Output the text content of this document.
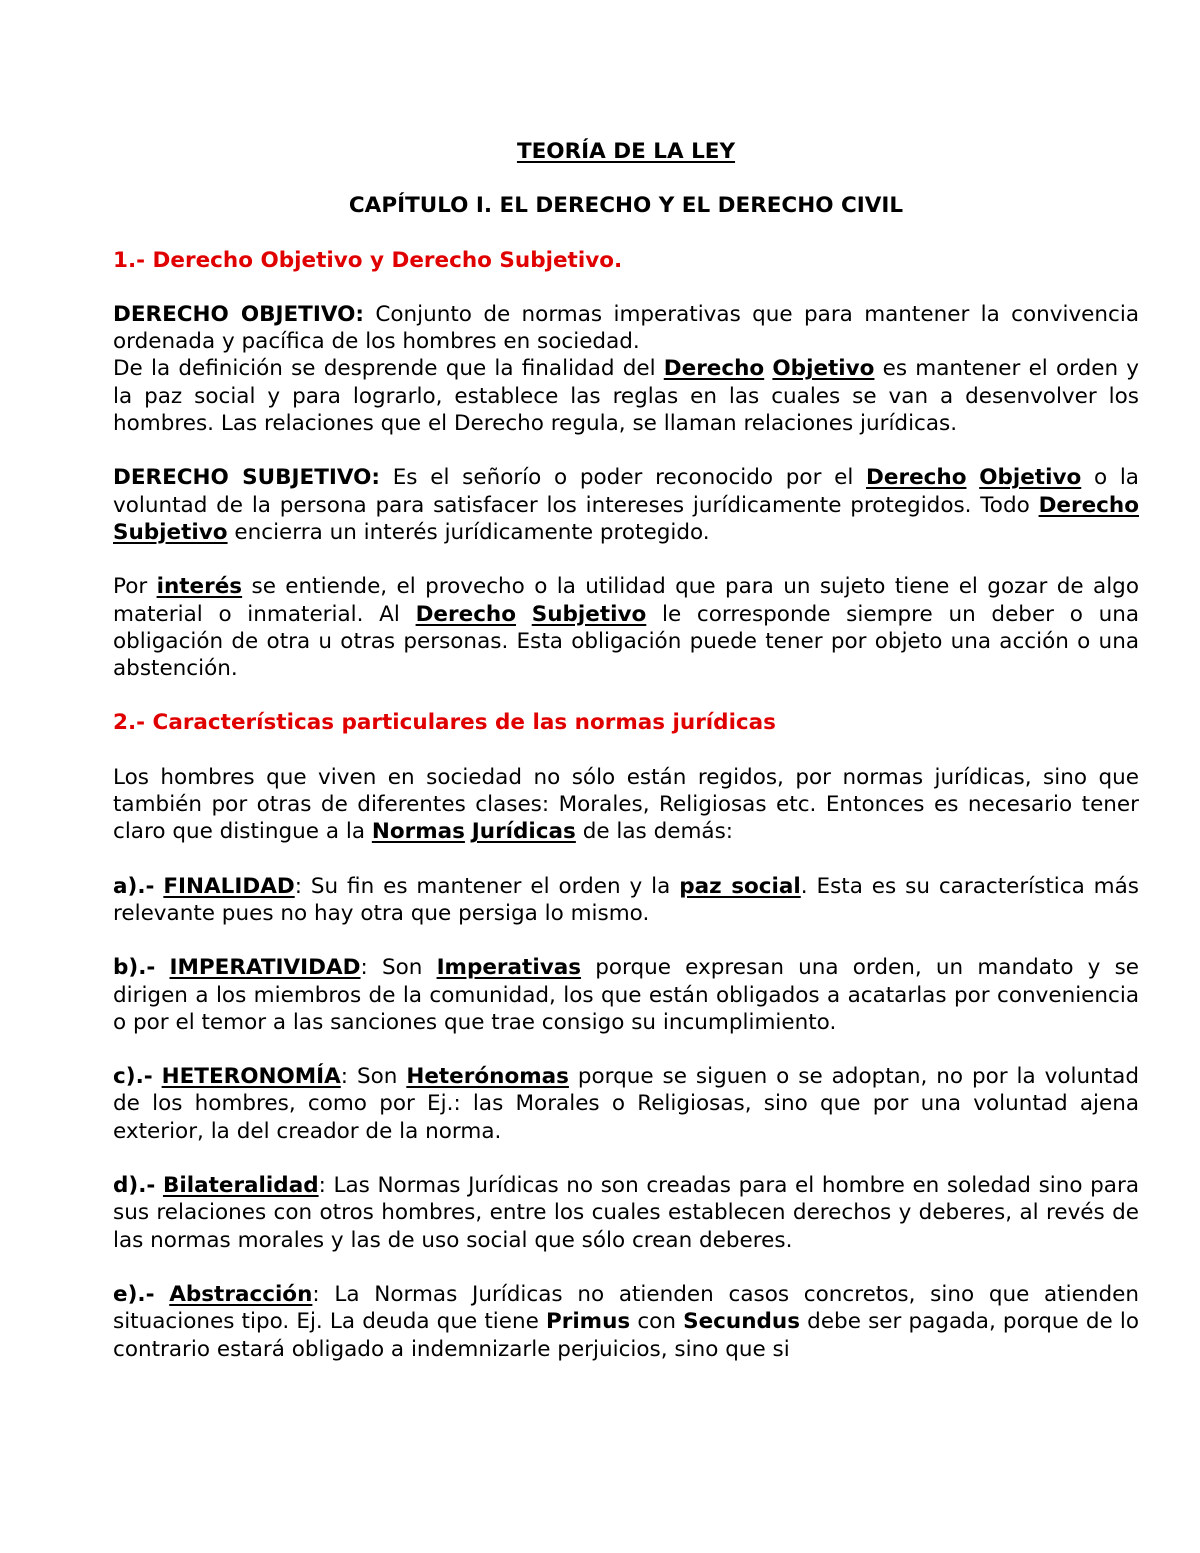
TEORÍA DE LA LEY

CAPÍTULO I. EL DERECHO Y EL DERECHO CIVIL

1.- Derecho Objetivo y Derecho Subjetivo.

DERECHO OBJETIVO: Conjunto de normas imperativas que para mantener la convivencia ordenada y pacífica de los hombres en sociedad.

De la definición se desprende que la finalidad del Derecho Objetivo es mantener el orden y la paz social y para lograrlo, establece las reglas en las cuales se van a desenvolver los hombres. Las relaciones que el Derecho regula, se llaman relaciones jurídicas.

DERECHO SUBJETIVO: Es el señorío o poder reconocido por el Derecho Objetivo o la voluntad de la persona para satisfacer los intereses jurídicamente protegidos. Todo Derecho Subjetivo encierra un interés jurídicamente protegido.

Por interés se entiende, el provecho o la utilidad que para un sujeto tiene el gozar de algo material o inmaterial. Al Derecho Subjetivo le corresponde siempre un deber o una obligación de otra u otras personas. Esta obligación puede tener por objeto una acción o una abstención.

2.- Características particulares de las normas jurídicas

Los hombres que viven en sociedad no sólo están regidos, por normas jurídicas, sino que también por otras de diferentes clases: Morales, Religiosas etc. Entonces es necesario tener claro que distingue a la Normas Jurídicas de las demás:

a).- FINALIDAD: Su fin es mantener el orden y la paz social. Esta es su característica más relevante pues no hay otra que persiga lo mismo.

b).- IMPERATIVIDAD: Son Imperativas porque expresan una orden, un mandato y se dirigen a los miembros de la comunidad, los que están obligados a acatarlas por conveniencia o por el temor a las sanciones que trae consigo su incumplimiento.

c).- HETERONOMÍA: Son Heterónomas porque se siguen o se adoptan, no por la voluntad de los hombres, como por Ej.: las Morales o Religiosas, sino que por una voluntad ajena exterior, la del creador de la norma.

d).- Bilateralidad: Las Normas Jurídicas no son creadas para el hombre en soledad sino para sus relaciones con otros hombres, entre los cuales establecen derechos y deberes, al revés de las normas morales y las de uso social que sólo crean deberes.

e).- Abstracción: La Normas Jurídicas no atienden casos concretos, sino que atienden situaciones tipo. Ej. La deuda que tiene Primus con Secundus debe ser pagada, porque de lo contrario estará obligado a indemnizarle perjuicios, sino que si
